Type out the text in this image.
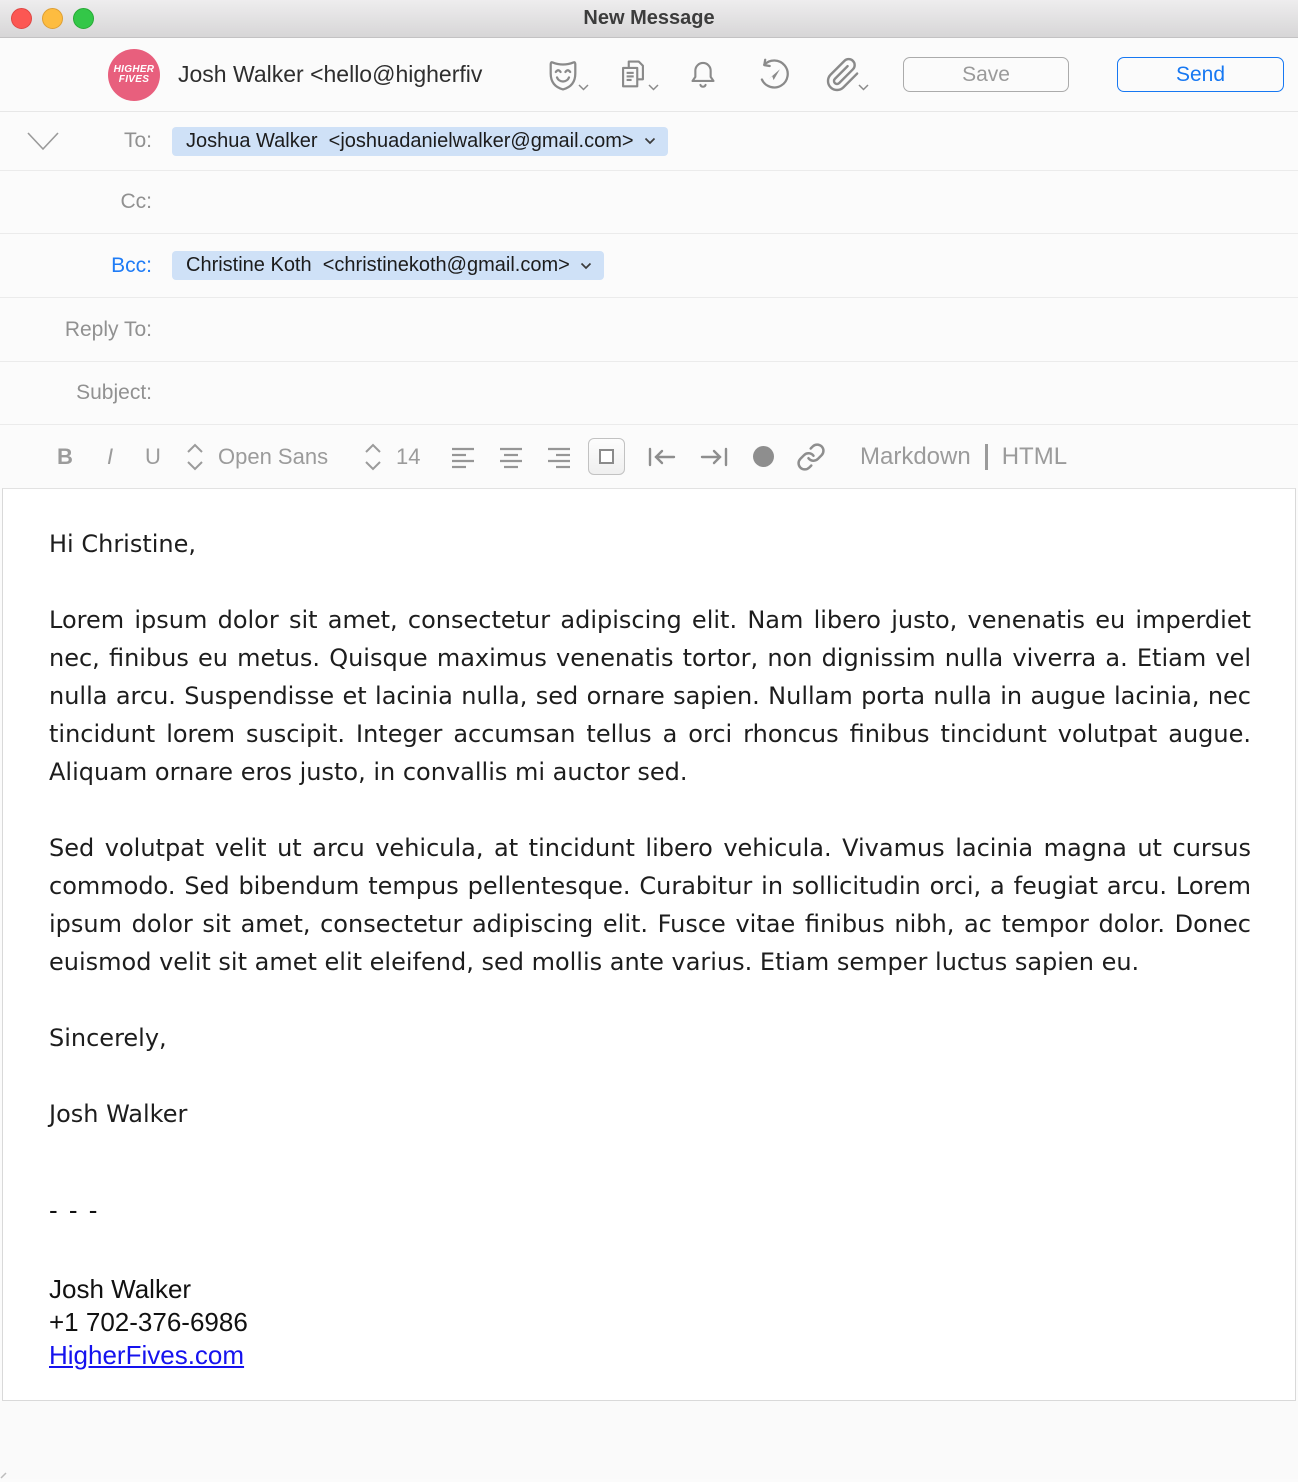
New Message
HIGHER
FIVES Josh Walker <hello@higherfiv	Save	Send
To: Joshua Walker  <joshuadanielwalker@gmail.com>
Cc:
Bcc: Christine Koth  <christinekoth@gmail.com>
Reply To:
Subject:
B I U	Open Sans	14	Markdown HTML
Hi Christine,
Lorem ipsum dolor sit amet, consectetur adipiscing elit. Nam libero justo, venenatis eu imperdiet nec, finibus eu metus. Quisque maximus venenatis tortor, non dignissim nulla viverra a. Etiam vel nulla arcu. Suspendisse et lacinia nulla, sed ornare sapien. Nullam porta nulla in augue lacinia, nec tincidunt lorem suscipit. Integer accumsan tellus a orci rhoncus finibus tincidunt volutpat augue. Aliquam ornare eros justo, in convallis mi auctor sed.
Sed volutpat velit ut arcu vehicula, at tincidunt libero vehicula. Vivamus lacinia magna ut cursus commodo. Sed bibendum tempus pellentesque. Curabitur in sollicitudin orci, a feugiat arcu. Lorem ipsum dolor sit amet, consectetur adipiscing elit. Fusce vitae finibus nibh, ac tempor dolor. Donec euismod velit sit amet elit eleifend, sed mollis ante varius. Etiam semper luctus sapien eu.
Sincerely,
Josh Walker
- - -
Josh Walker
+1 702-376-6986
HigherFives.com
